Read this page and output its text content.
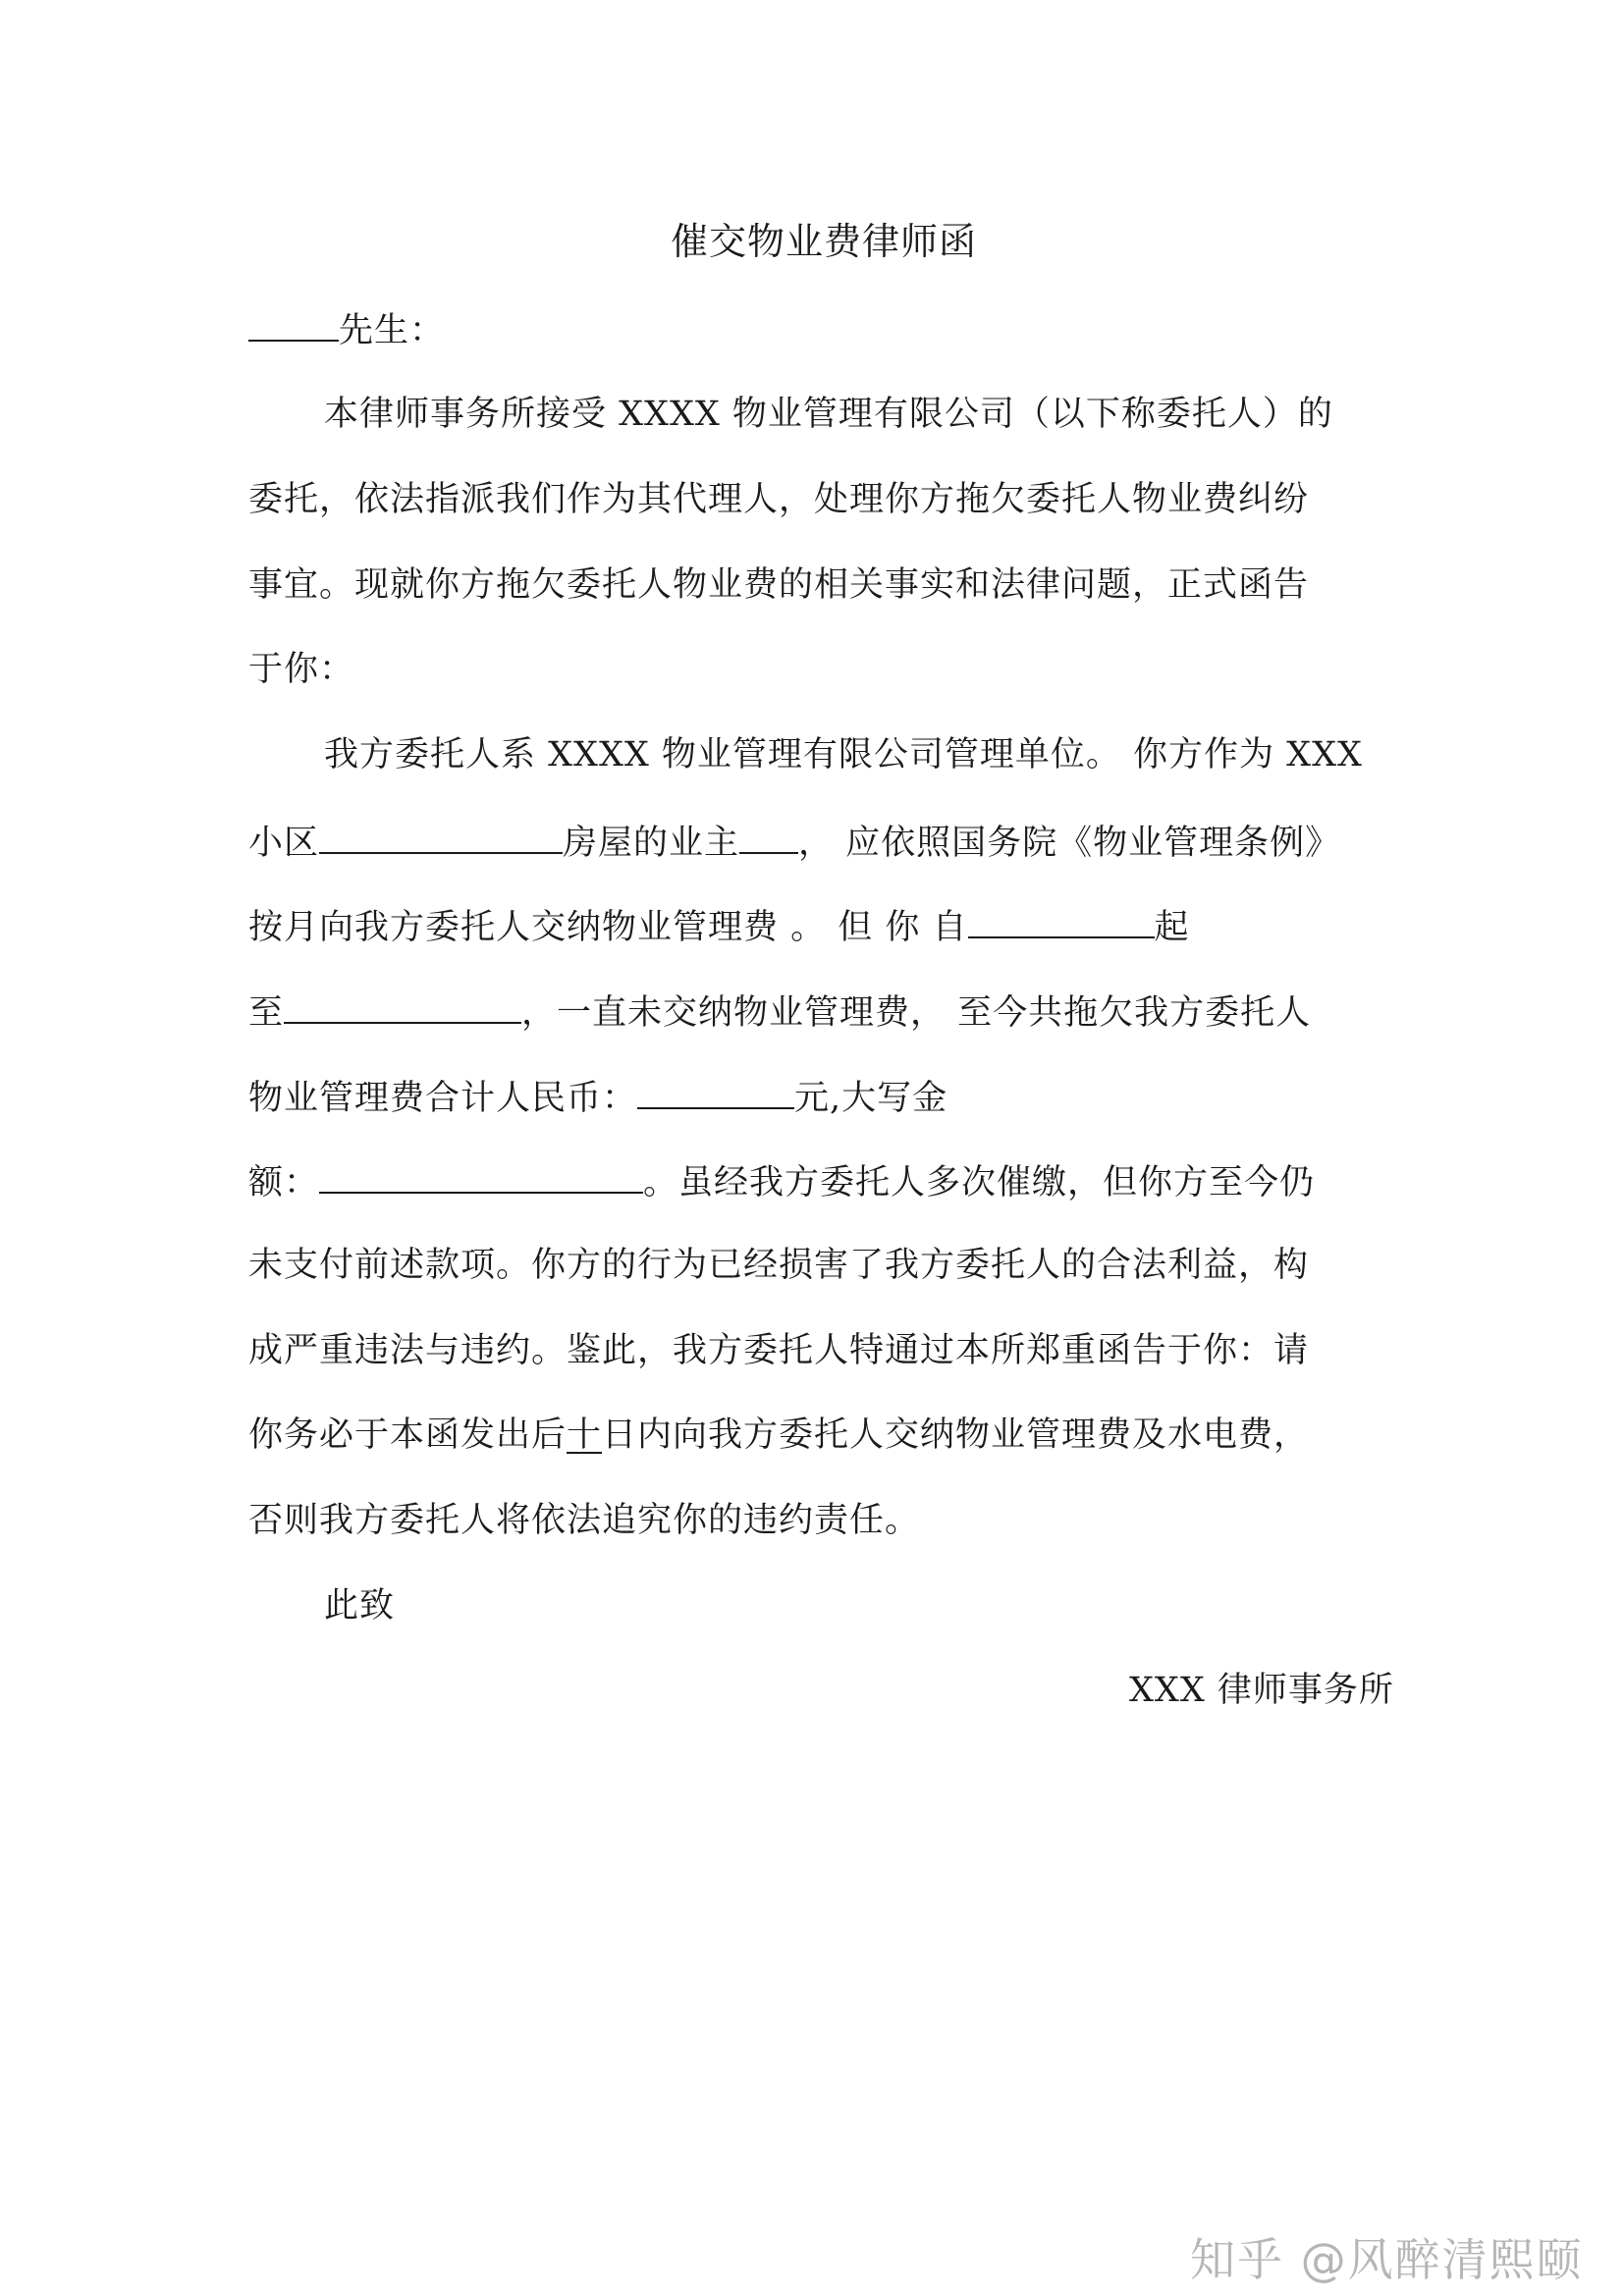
催交物业费律师函
先生：
本律师事务所接受 XXXX 物业管理有限公司（以下称委托人）的
委托，依法指派我们作为其代理人，处理你方拖欠委托人物业费纠纷
事宜。现就你方拖欠委托人物业费的相关事实和法律问题，正式函告
于你：
我方委托人系 XXXX 物业管理有限公司管理单位。 你方作为 XXX
小区	房屋的业主 ， 应依照国务院《物业管理条例》
按月向我方委托人交纳物业管理费 。 但 你 自	起
至	，一直未交纳物业管理费， 至今共拖欠我方委托人
物业管理费合计人民币：	元,大写金
额：	。虽经我方委托人多次催缴，但你方至今仍
未支付前述款项。你方的行为已经损害了我方委托人的合法利益，构
成严重违法与违约。鉴此，我方委托人特通过本所郑重函告于你：请
你务必于本函发出后十日内向我方委托人交纳物业管理费及水电费，
否则我方委托人将依法追究你的违约责任。
此致
XXX 律师事务所
知乎 @风醉清熙颐
